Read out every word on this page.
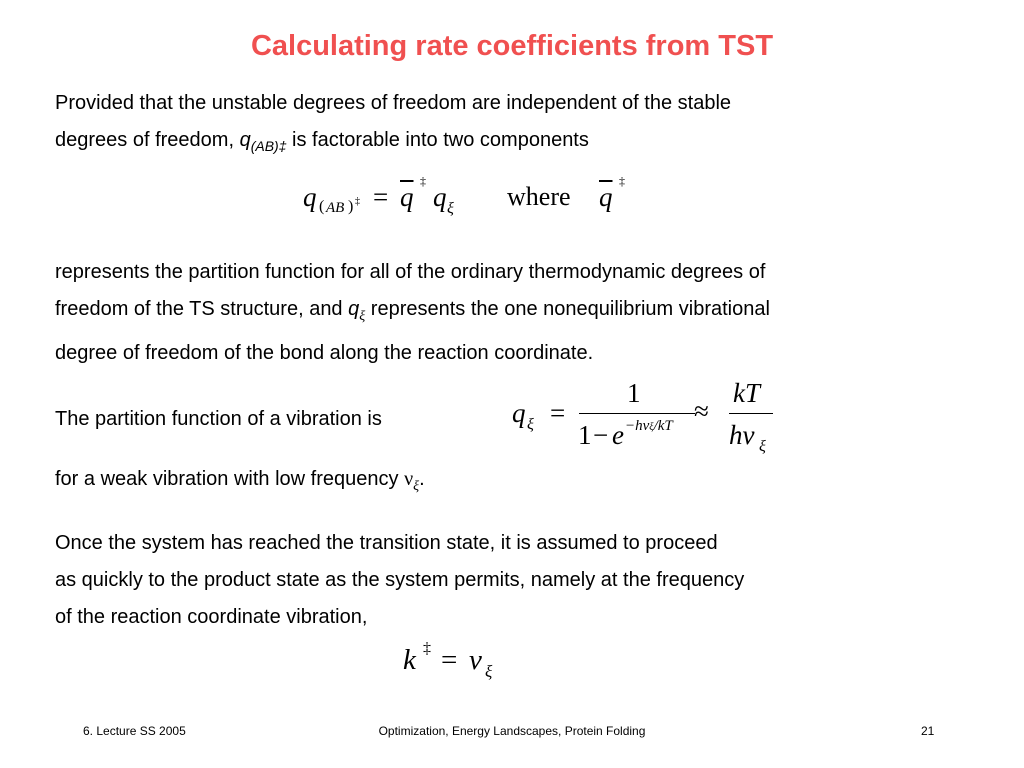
Calculating rate coefficients from TST
Provided that the unstable degrees of freedom are independent of the stable
degrees of freedom, $q_{(AB)\ddagger}$ is factorable into two components
q ( AB ) ‡ = $\overline{q}$
‡
q ξ where $\overline{q}$
‡
represents the partition function for all of the ordinary thermodynamic degrees of
freedom of the TS structure, and $q_\xi$ represents the one nonequilibrium vibrational
degree of freedom of the bond along the reaction coordinate.
The partition function of a vibration is	q ξ =
1
1 − e −hνξ/kT ≈
kT
hν ξ
for a weak vibration with low frequency $\nu_\xi$.
Once the system has reached the transition state, it is assumed to proceed
as quickly to the product state as the system permits, namely at the frequency
of the reaction coordinate vibration,
k ‡ = ν ξ
6. Lecture SS 2005	Optimization, Energy Landscapes, Protein Folding	21
